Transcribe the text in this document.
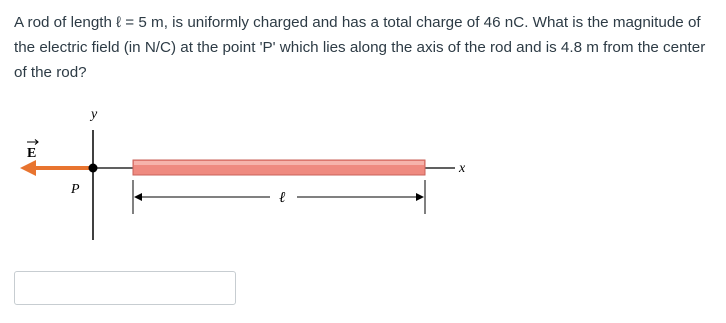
A rod of length ℓ = 5 m, is uniformly charged and has a total charge of 46 nC. What is the magnitude of the electric field (in N/C) at the point 'P' which lies along the axis of the rod and is 4.8 m from the center of the rod?

y
x
E
P
ℓ
